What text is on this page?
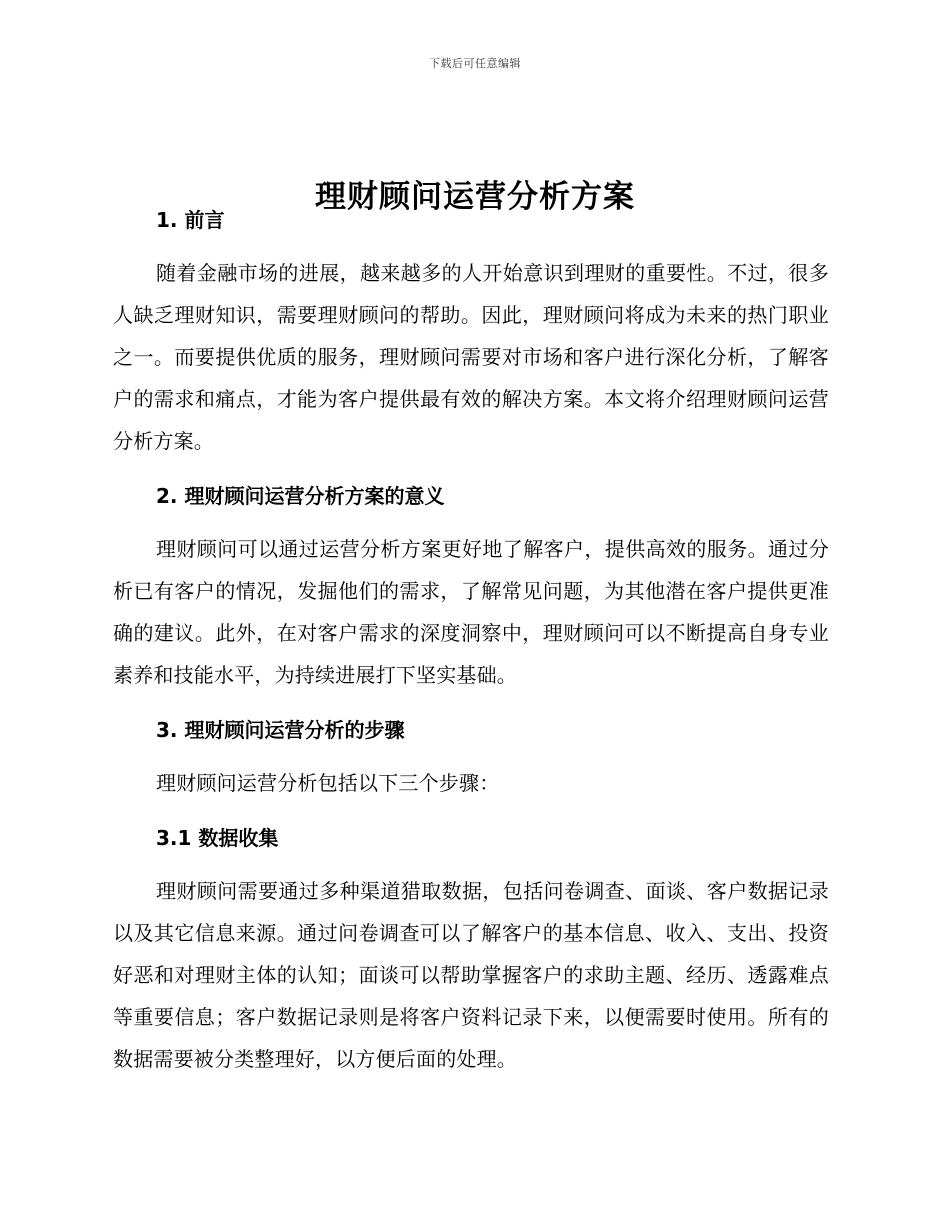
下载后可任意编辑
理财顾问运营分析方案
1. 前言

随着金融市场的进展，越来越多的人开始意识到理财的重要性。不过，很多人缺乏理财知识，需要理财顾问的帮助。因此，理财顾问将成为未来的热门职业之一。而要提供优质的服务，理财顾问需要对市场和客户进行深化分析，了解客户的需求和痛点，才能为客户提供最有效的解决方案。本文将介绍理财顾问运营分析方案。

2. 理财顾问运营分析方案的意义

理财顾问可以通过运营分析方案更好地了解客户，提供高效的服务。通过分析已有客户的情况，发掘他们的需求，了解常见问题，为其他潜在客户提供更准确的建议。此外，在对客户需求的深度洞察中，理财顾问可以不断提高自身专业素养和技能水平，为持续进展打下坚实基础。

3. 理财顾问运营分析的步骤

理财顾问运营分析包括以下三个步骤：

3.1 数据收集

理财顾问需要通过多种渠道猎取数据，包括问卷调查、面谈、客户数据记录以及其它信息来源。通过问卷调查可以了解客户的基本信息、收入、支出、投资好恶和对理财主体的认知；面谈可以帮助掌握客户的求助主题、经历、透露难点等重要信息；客户数据记录则是将客户资料记录下来，以便需要时使用。所有的数据需要被分类整理好，以方便后面的处理。
